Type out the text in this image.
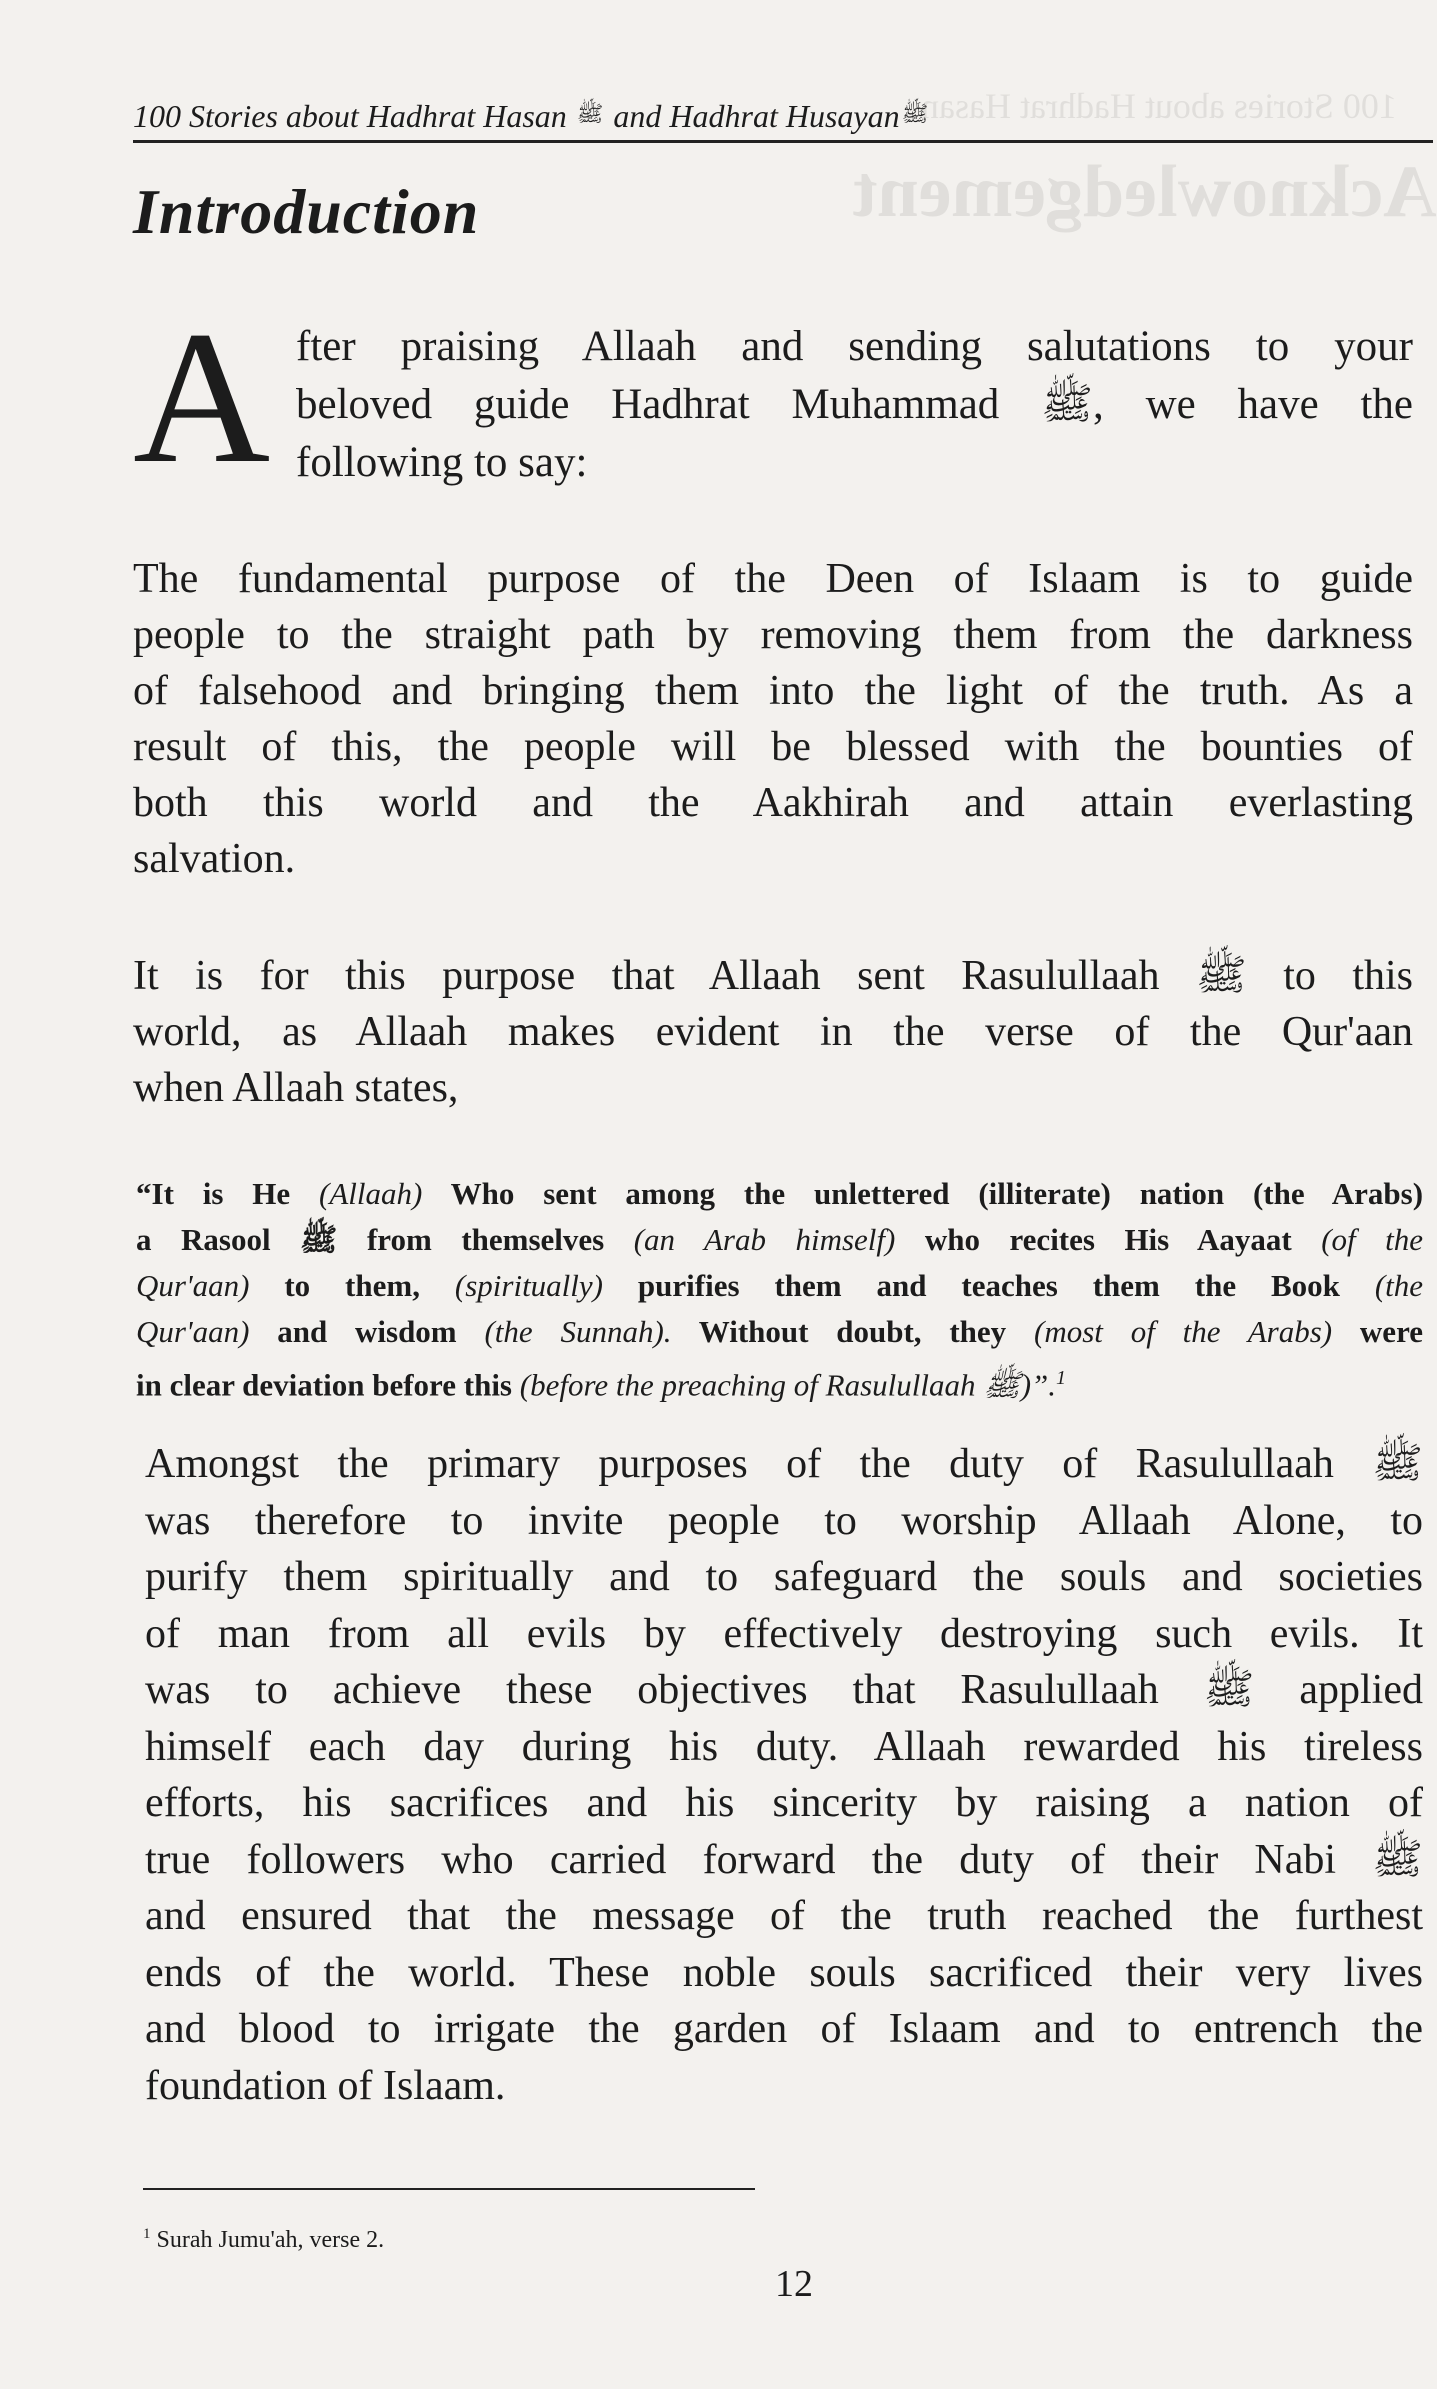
100 Stories about Hadhrat Hasan
Acknowledgement
100 Stories about Hadhrat Hasan ﷺ and Hadhrat Husayanﷺ
Introduction
A fter praising Allaah and sending salutations to your
beloved guide Hadhrat Muhammad ﷺ, we have the
following to say:
The fundamental purpose of the Deen of Islaam is to guide
people to the straight path by removing them from the darkness
of falsehood and bringing them into the light of the truth. As a
result of this, the people will be blessed with the bounties of
both this world and the Aakhirah and attain everlasting
salvation.
It is for this purpose that Allaah sent Rasulullaah ﷺ to this
world, as Allaah makes evident in the verse of the Qur'aan
when Allaah states,
“It is He (Allaah) Who sent among the unlettered (illiterate) nation (the Arabs)
a Rasool ﷺ from themselves (an Arab himself) who recites His Aayaat (of the
Qur'aan) to them, (spiritually) purifies them and teaches them the Book (the
Qur'aan) and wisdom (the Sunnah). Without doubt, they (most of the Arabs) were
in clear deviation before this (before the preaching of Rasulullaah ﷺ)”.$^1$
Amongst the primary purposes of the duty of Rasulullaah ﷺ
was therefore to invite people to worship Allaah Alone, to
purify them spiritually and to safeguard the souls and societies
of man from all evils by effectively destroying such evils. It
was to achieve these objectives that Rasulullaah ﷺ applied
himself each day during his duty. Allaah rewarded his tireless
efforts, his sacrifices and his sincerity by raising a nation of
true followers who carried forward the duty of their Nabi ﷺ
and ensured that the message of the truth reached the furthest
ends of the world. These noble souls sacrificed their very lives
and blood to irrigate the garden of Islaam and to entrench the
foundation of Islaam.
$^1$ Surah Jumu'ah, verse 2.
12
